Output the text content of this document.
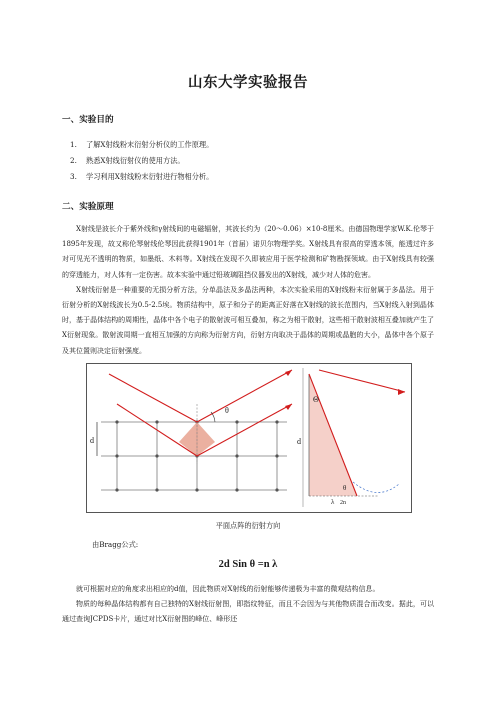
山东大学实验报告
一、实验目的
1. 了解X射线粉末衍射分析仪的工作原理。
2. 熟悉X射线衍射仪的使用方法。
3. 学习利用X射线粉末衍射进行物相分析。
二、实验原理

X射线是波长介于紫外线和γ射线间的电磁辐射，其波长约为（20～0.06）×10-8厘米。由德国物理学家W.K.伦琴于1895年发现，故又称伦琴射线伦琴因此获得1901年（首届）诺贝尔物理学奖。X射线具有很高的穿透本领，能透过许多对可见光不透明的物质，如墨纸、木料等。X射线在发现不久即被应用于医学检测和矿物勘探领域。由于X射线具有较强的穿透能力，对人体有一定伤害。故本实验中通过铅玻璃阻挡仪器发出的X射线，减少对人体的危害。

X射线衍射是一种重要的无损分析方法，分单晶法及多晶法两种，本次实验采用的X射线粉末衍射属于多晶法。用于衍射分析的X射线波长为0.5-2.5埃。物质结构中，原子和分子的距离正好落在X射线的波长范围内，当X射线入射到晶体时，基于晶体结构的周期性，晶体中各个电子的散射波可相互叠加，称之为相干散射，这些相干散射波相互叠加就产生了X衍射现象。散射波周期一直相互加强的方向称为衍射方向，衍射方向取决于晶体的周期或晶胞的大小，晶体中各个原子及其位置则决定衍射强度。

d
θ
Θ
d
θ
λ 2n
平面点阵的衍射方向
由Bragg公式:
2d Sin θ =n λ

就可根据对应的角度求出相应的d值，因此物质对X射线的衍射能够传递极为丰富的微观结构信息。

物质的每种晶体结构都有自己独特的X射线衍射图，即指纹特征，而且不会因为与其他物质混合而改变。据此，可以通过查询JCPDS卡片，通过对比X衍射图的峰位、峰形还
